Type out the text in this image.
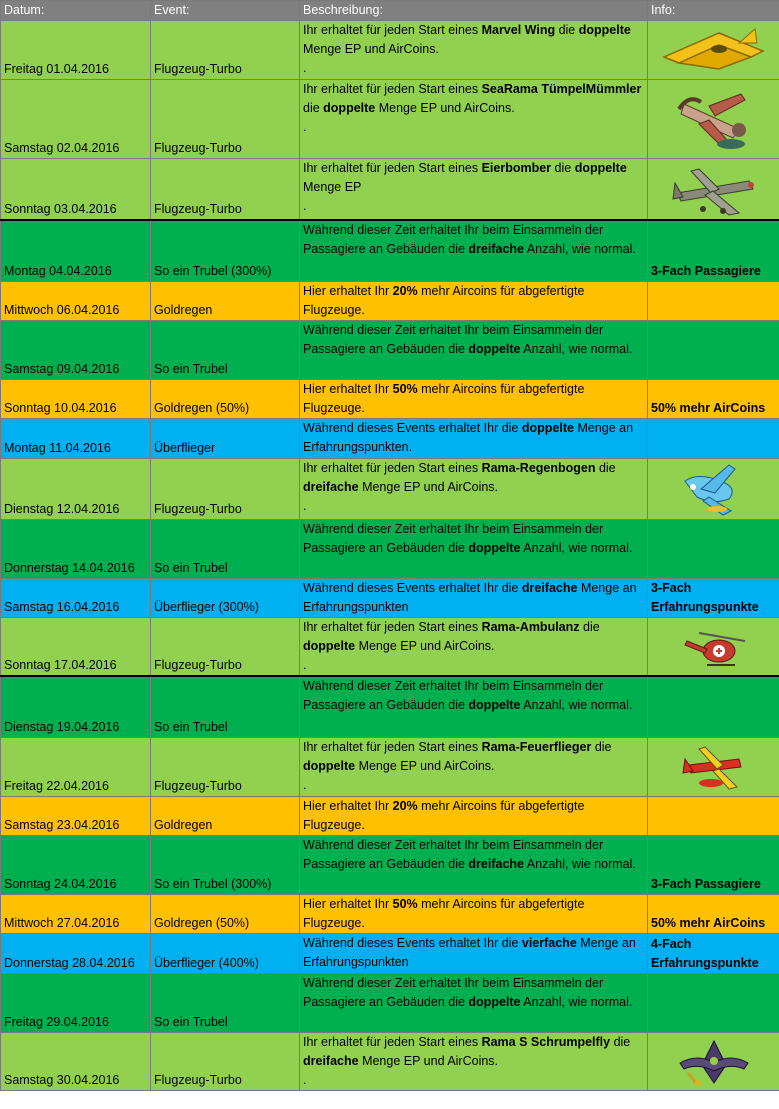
Datum:	Event:	Beschreibung:	Info:
Freitag 01.04.2016	Flugzeug-Turbo	Ihr erhaltet für jeden Start eines Marvel Wing die doppelte Menge EP und AirCoins.
.	

Samstag 02.04.2016	Flugzeug-Turbo	Ihr erhaltet für jeden Start eines SeaRama TümpelMümmler die doppelte Menge EP und AirCoins.
.	

Sonntag 03.04.2016	Flugzeug-Turbo	Ihr erhaltet für jeden Start eines Eierbomber die doppelte Menge EP
.	

Montag 04.04.2016	So ein Trubel (300%)	Während dieser Zeit erhaltet Ihr beim Einsammeln der Passagiere an Gebäuden die dreifache Anzahl, wie normal.	3-Fach Passagiere
Mittwoch 06.04.2016	Goldregen	Hier erhaltet Ihr 20% mehr Aircoins für abgefertigte Flugzeuge.	
Samstag 09.04.2016	So ein Trubel	Während dieser Zeit erhaltet Ihr beim Einsammeln der Passagiere an Gebäuden die doppelte Anzahl, wie normal.	
Sonntag 10.04.2016	Goldregen (50%)	Hier erhaltet Ihr 50% mehr Aircoins für abgefertigte Flugzeuge.	50% mehr AirCoins
Montag 11.04.2016	Überflieger	Während dieses Events erhaltet Ihr die doppelte Menge an Erfahrungspunkten.	
Dienstag 12.04.2016	Flugzeug-Turbo	Ihr erhaltet für jeden Start eines Rama-Regenbogen die dreifache Menge EP und AirCoins.
.	

Donnerstag 14.04.2016	So ein Trubel	Während dieser Zeit erhaltet Ihr beim Einsammeln der Passagiere an Gebäuden die doppelte Anzahl, wie normal.	
Samstag 16.04.2016	Überflieger (300%)	Während dieses Events erhaltet Ihr die dreifache Menge an Erfahrungspunkten	3-Fach Erfahrungspunkte
Sonntag 17.04.2016	Flugzeug-Turbo	Ihr erhaltet für jeden Start eines Rama-Ambulanz die doppelte Menge EP und AirCoins.
.	

Dienstag 19.04.2016	So ein Trubel	Während dieser Zeit erhaltet Ihr beim Einsammeln der Passagiere an Gebäuden die doppelte Anzahl, wie normal.	
Freitag 22.04.2016	Flugzeug-Turbo	Ihr erhaltet für jeden Start eines Rama-Feuerflieger die doppelte Menge EP und AirCoins.
.	

Samstag 23.04.2016	Goldregen	Hier erhaltet Ihr 20% mehr Aircoins für abgefertigte Flugzeuge.	
Sonntag 24.04.2016	So ein Trubel (300%)	Während dieser Zeit erhaltet Ihr beim Einsammeln der Passagiere an Gebäuden die dreifache Anzahl, wie normal.	3-Fach Passagiere
Mittwoch 27.04.2016	Goldregen (50%)	Hier erhaltet Ihr 50% mehr Aircoins für abgefertigte Flugzeuge.	50% mehr AirCoins
Donnerstag 28.04.2016	Überflieger (400%)	Während dieses Events erhaltet Ihr die vierfache Menge an Erfahrungspunkten	4-Fach Erfahrungspunkte
Freitag 29.04.2016	So ein Trubel	Während dieser Zeit erhaltet Ihr beim Einsammeln der Passagiere an Gebäuden die doppelte Anzahl, wie normal.	
Samstag 30.04.2016	Flugzeug-Turbo	Ihr erhaltet für jeden Start eines Rama S Schrumpelfly die dreifache Menge EP und AirCoins.
.	
